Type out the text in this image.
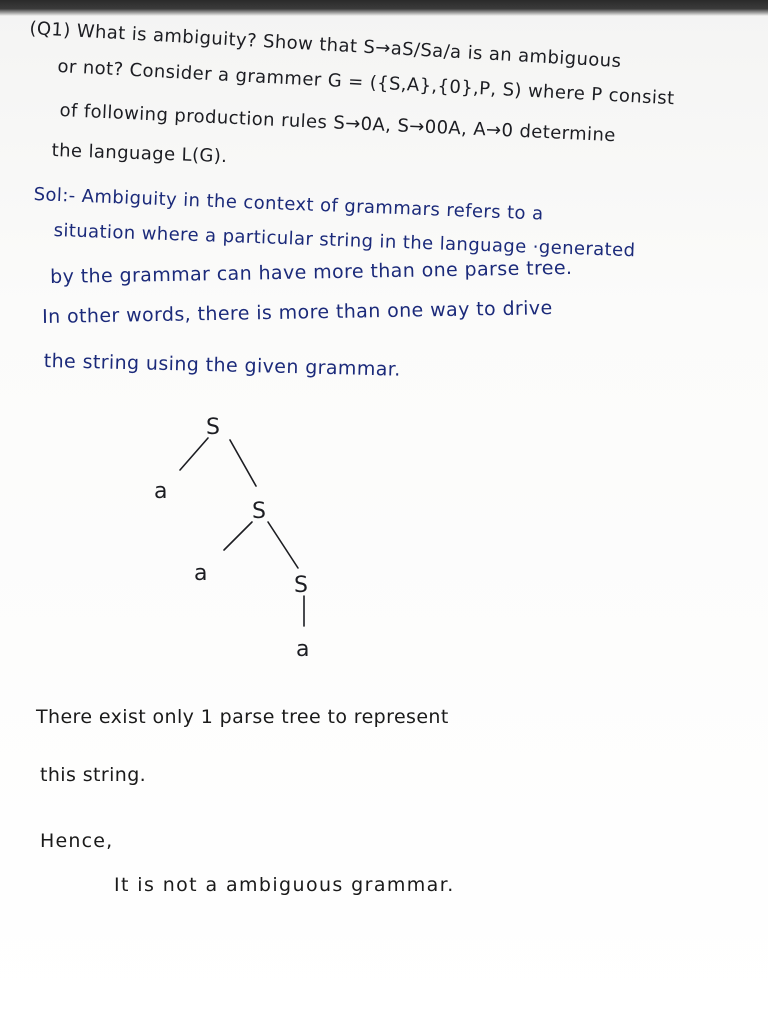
(Q1) What is ambiguity? Show that S→aS/Sa/a is an ambiguous
or not? Consider a grammer G = ({S,A},{0},P, S) where P consist
of following production rules S→0A, S→00A, A→0 determine
the language L(G).
Sol:- Ambiguity in the context of grammars refers to a
situation where a particular string in the language ·generated
by the grammar can have more than one parse tree.
In other words, there is more than one way to drive
the string using the given grammar.
S
a
S
a	S
a
There exist only 1 parse tree to represent
this string.
Hence,
It is not a ambiguous grammar.
